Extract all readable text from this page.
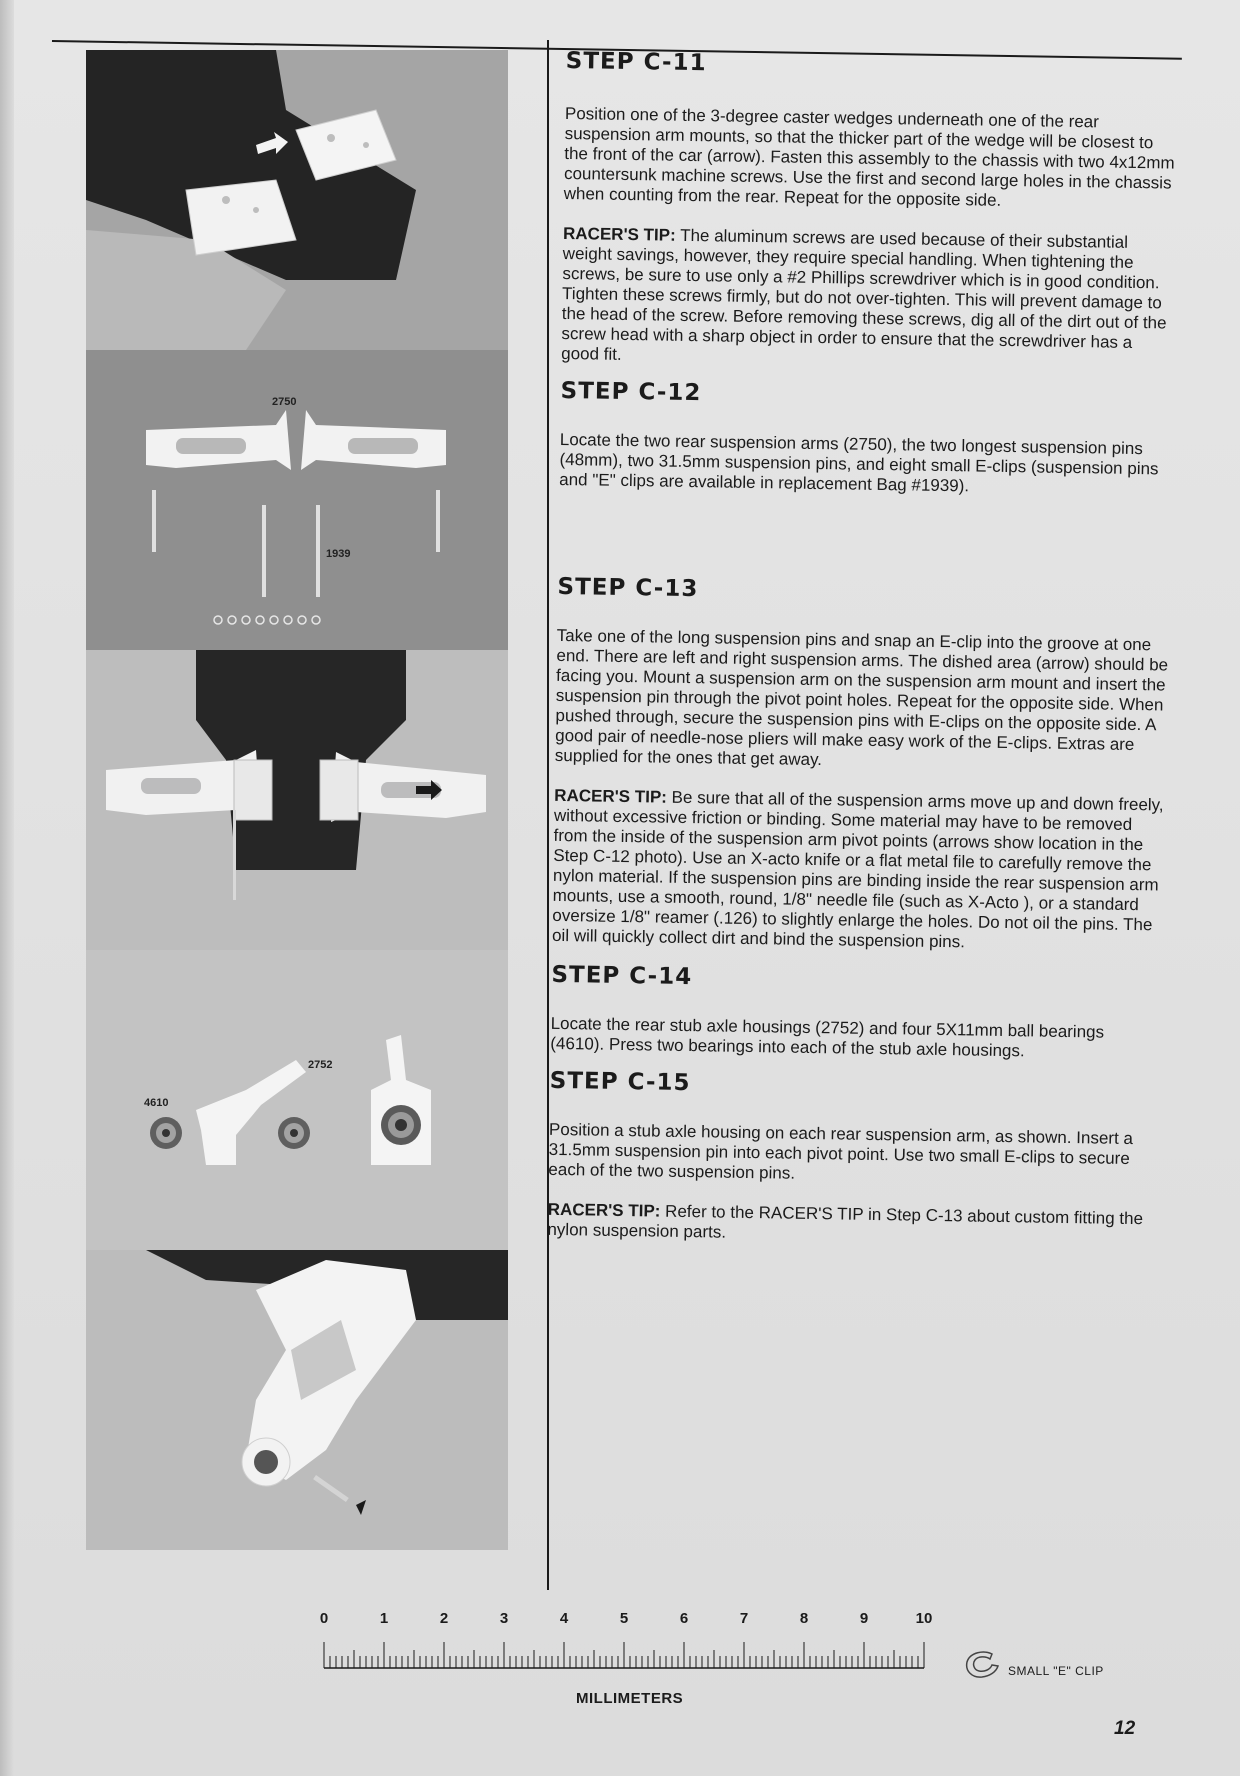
2750
1939
2752
4610
STEP C-11

Position one of the 3-degree caster wedges underneath one of the rear suspension arm mounts, so that the thicker part of the wedge will be closest to the front of the car (arrow). Fasten this assembly to the chassis with two 4x12mm countersunk machine screws. Use the first and second large holes in the chassis when counting from the rear. Repeat for the opposite side.

RACER'S TIP: The aluminum screws are used because of their substantial weight savings, however, they require special handling. When tightening the screws, be sure to use only a #2 Phillips screwdriver which is in good condition. Tighten these screws firmly, but do not over-tighten. This will prevent damage to the head of the screw. Before removing these screws, dig all of the dirt out of the screw head with a sharp object in order to ensure that the screwdriver has a good fit.

STEP C-12

Locate the two rear suspension arms (2750), the two longest suspension pins (48mm), two 31.5mm suspension pins, and eight small E-clips (suspension pins and "E" clips are available in replacement Bag #1939).

STEP C-13

Take one of the long suspension pins and snap an E-clip into the groove at one end. There are left and right suspension arms. The dished area (arrow) should be facing you. Mount a suspension arm on the suspension arm mount and insert the suspension pin through the pivot point holes. Repeat for the opposite side. When pushed through, secure the suspension pins with E-clips on the opposite side. A good pair of needle-nose pliers will make easy work of the E-clips. Extras are supplied for the ones that get away.

RACER'S TIP: Be sure that all of the suspension arms move up and down freely, without excessive friction or binding. Some material may have to be removed from the inside of the suspension arm pivot points (arrows show location in the Step C-12 photo). Use an X-acto knife or a flat metal file to carefully remove the nylon material. If the suspension pins are binding inside the rear suspension arm mounts, use a smooth, round, 1/8" needle file (such as X-Acto ), or a standard oversize 1/8" reamer (.126) to slightly enlarge the holes. Do not oil the pins. The oil will quickly collect dirt and bind the suspension pins.

STEP C-14

Locate the rear stub axle housings (2752) and four 5X11mm ball bearings (4610). Press two bearings into each of the stub axle housings.

STEP C-15

Position a stub axle housing on each rear suspension arm, as shown. Insert a 31.5mm suspension pin into each pivot point. Use two small E-clips to secure each of the two suspension pins.

RACER'S TIP: Refer to the RACER'S TIP in Step C-13 about custom fitting the nylon suspension parts.

0	1	2	3	4	5	6	7	8	9	10
MILLIMETERS
SMALL "E" CLIP
12
